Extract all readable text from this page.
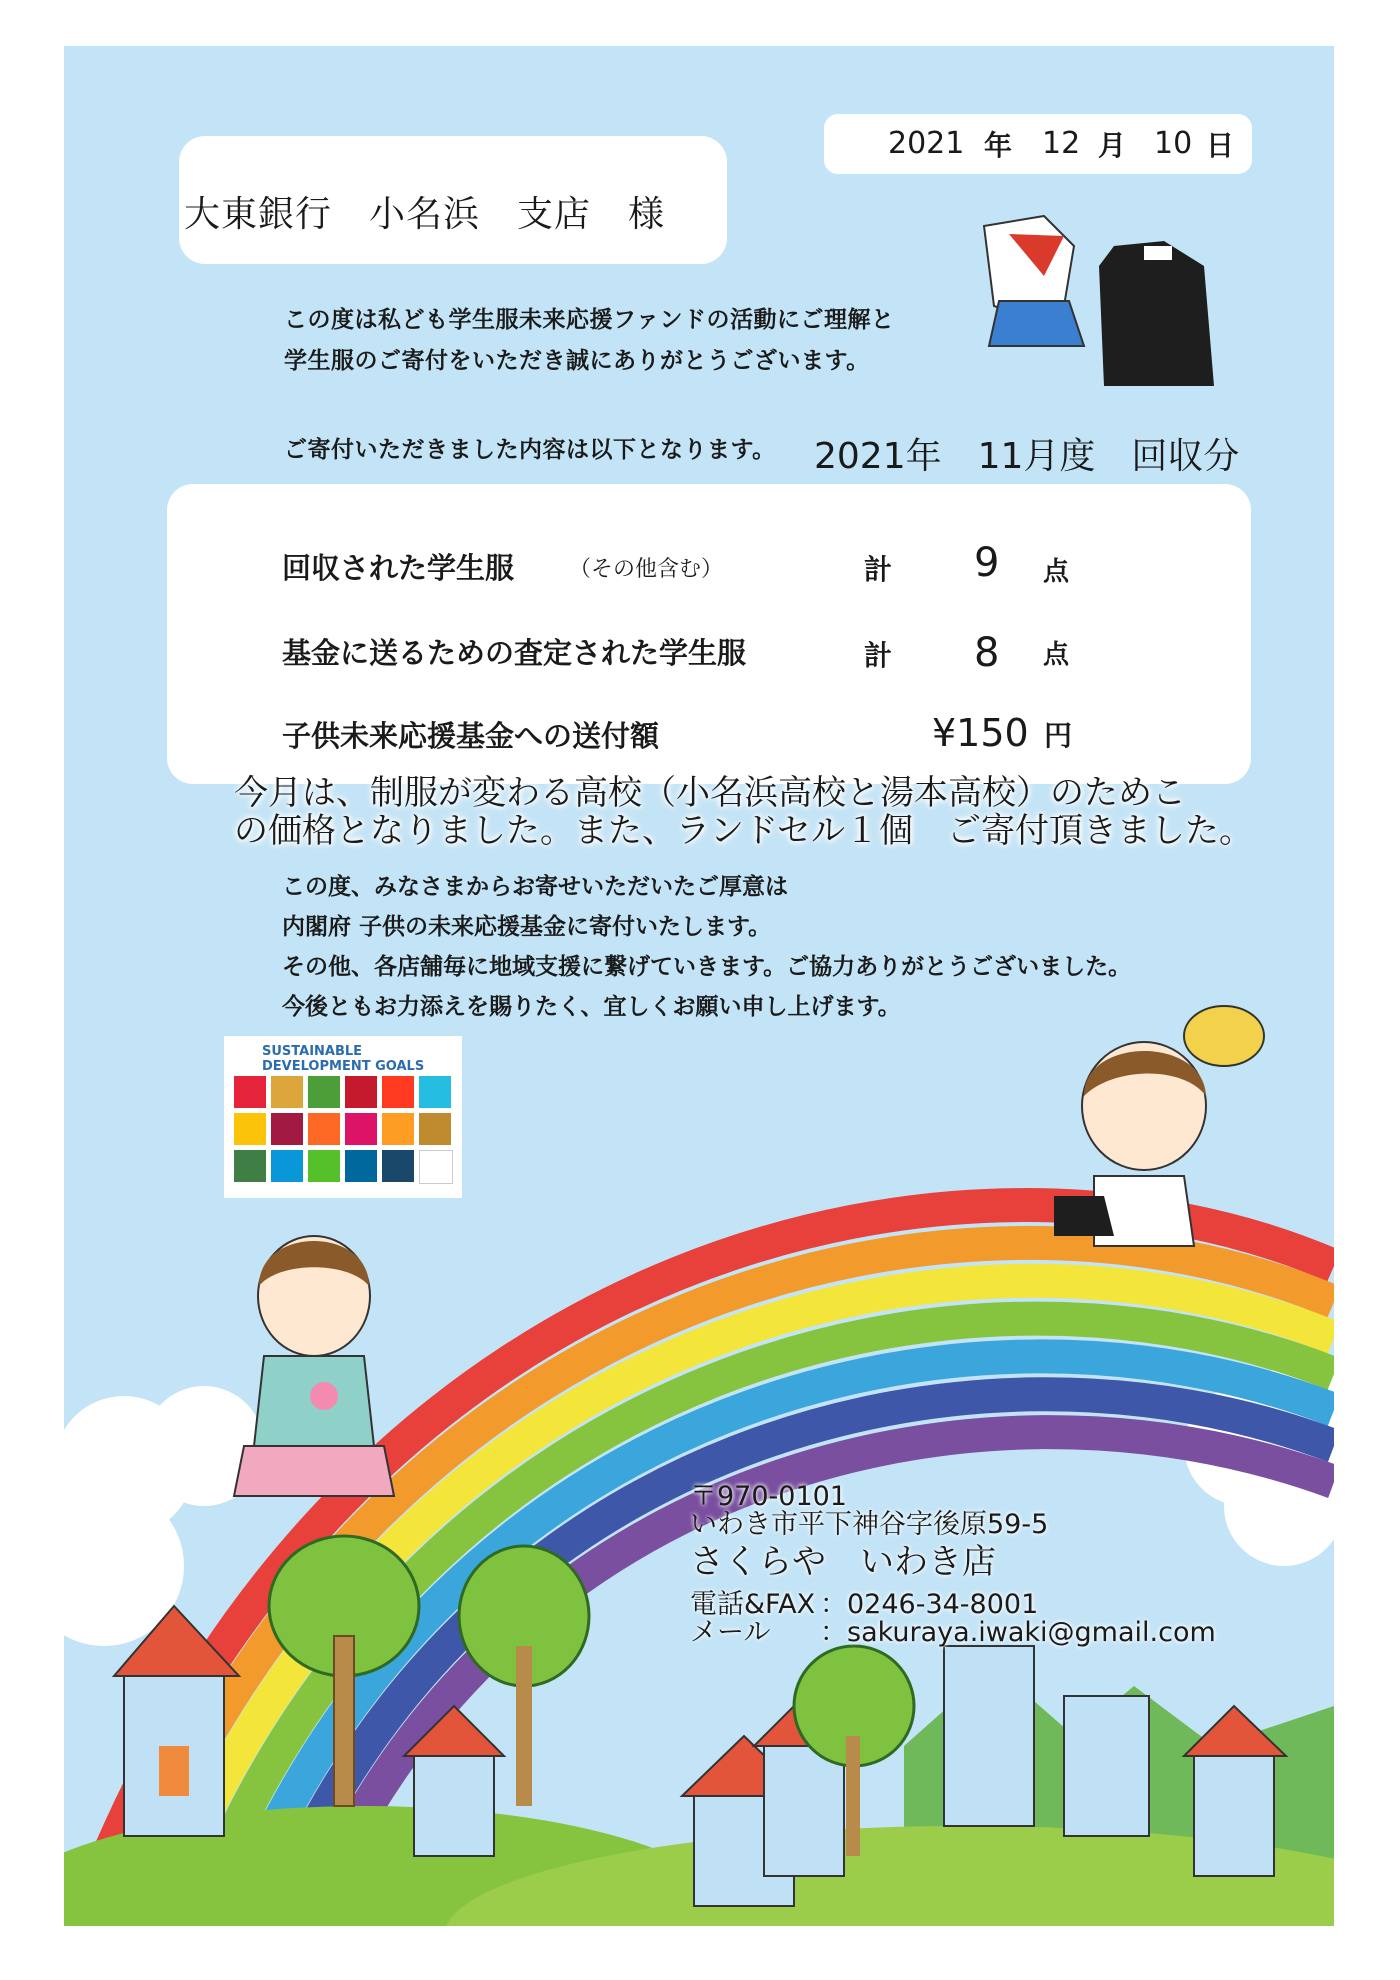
大東銀行　小名浜　支店　様
2021 年 12 月 10 日
この度は私ども学生服未来応援ファンドの活動にご理解と
学生服のご寄付をいただき誠にありがとうございます。
ご寄付いただきました内容は以下となります。 2021年　11月度　回収分
回収された学生服 （その他含む）	計 9 点
基金に送るための査定された学生服	計 8 点
子供未来応援基金への送付額	¥150 円
今月は、制服が変わる高校（小名浜高校と湯本高校）のためこ
の価格となりました。また、ランドセル１個　ご寄付頂きました。
この度、みなさまからお寄せいただいたご厚意は
内閣府 子供の未来応援基金に寄付いたします。
その他、各店舗毎に地域支援に繋げていきます。ご協力ありがとうございました。
今後ともお力添えを賜りたく、宜しくお願い申し上げます。
SUSTAINABLE DEVELOPMENT GOALS
〒970‐0101
いわき市平下神谷字後原59‐5
さくらや　いわき店
電話&FAX ：0246‐34‐8001
メール ：sakuraya.iwaki@gmail.com
